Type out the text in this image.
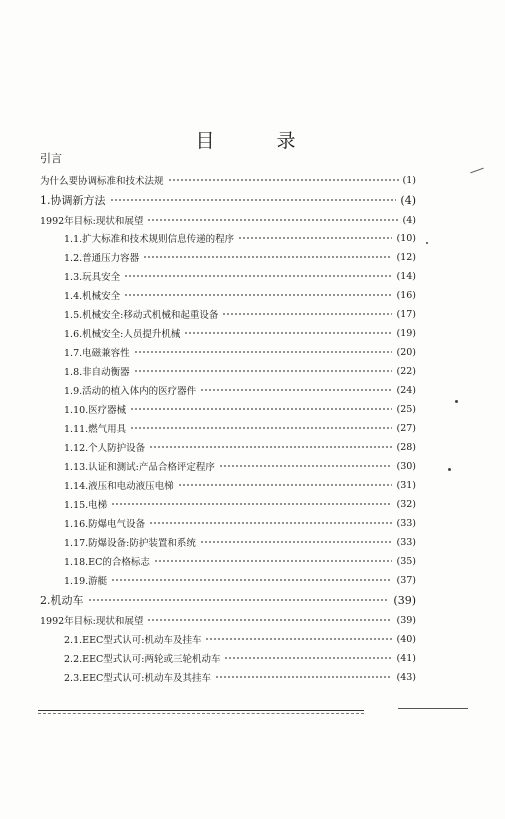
目 录
引言
为什么要协调标准和技术法规	(1)
1.协调新方法	(4)
1992年目标:现状和展望	(4)
1.1.扩大标准和技术规则信息传递的程序	(10)
1.2.普通压力容器	(12)
1.3.玩具安全	(14)
1.4.机械安全	(16)
1.5.机械安全:移动式机械和起重设备	(17)
1.6.机械安全:人员提升机械	(19)
1.7.电磁兼容性	(20)
1.8.非自动衡器	(22)
1.9.活动的植入体内的医疗器件	(24)
1.10.医疗器械	(25)
1.11.燃气用具	(27)
1.12.个人防护设备	(28)
1.13.认证和测试:产品合格评定程序	(30)
1.14.液压和电动液压电梯	(31)
1.15.电梯	(32)
1.16.防爆电气设备	(33)
1.17.防爆设备:防护装置和系统	(33)
1.18.EC的合格标志	(35)
1.19.游艇	(37)
2.机动车	(39)
1992年目标:现状和展望	(39)
2.1.EEC型式认可:机动车及挂车	(40)
2.2.EEC型式认可:两轮或三轮机动车	(41)
2.3.EEC型式认可:机动车及其挂车	(43)
